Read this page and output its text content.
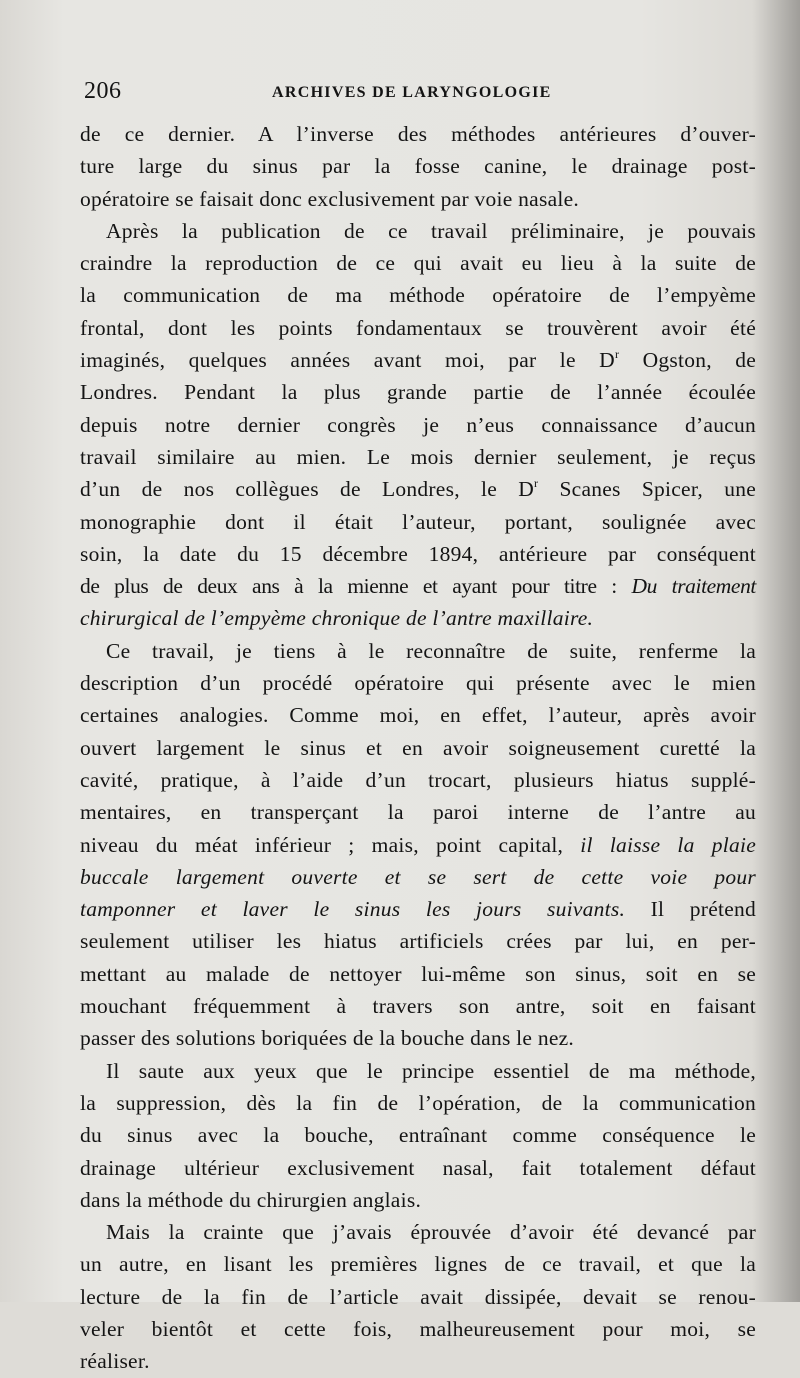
206	ARCHIVES DE LARYNGOLOGIE
de ce dernier. A l’inverse des méthodes antérieures d’ouver-
ture large du sinus par la fosse canine, le drainage post-
opératoire se faisait donc exclusivement par voie nasale.
Après la publication de ce travail préliminaire, je pouvais
craindre la reproduction de ce qui avait eu lieu à la suite de
la communication de ma méthode opératoire de l’empyème
frontal, dont les points fondamentaux se trouvèrent avoir été
imaginés, quelques années avant moi, par le $D^r$ Ogston, de
Londres. Pendant la plus grande partie de l’année écoulée
depuis notre dernier congrès je n’eus connaissance d’aucun
travail similaire au mien. Le mois dernier seulement, je reçus
d’un de nos collègues de Londres, le $D^r$ Scanes Spicer, une
monographie dont il était l’auteur, portant, soulignée avec
soin, la date du 15 décembre 1894, antérieure par conséquent
de plus de deux ans à la mienne et ayant pour titre : Du traitement
chirurgical de l’empyème chronique de l’antre maxillaire.
Ce travail, je tiens à le reconnaître de suite, renferme la
description d’un procédé opératoire qui présente avec le mien
certaines analogies. Comme moi, en effet, l’auteur, après avoir
ouvert largement le sinus et en avoir soigneusement curetté la
cavité, pratique, à l’aide d’un trocart, plusieurs hiatus supplé-
mentaires, en transperçant la paroi interne de l’antre au
niveau du méat inférieur ; mais, point capital, il laisse la plaie
buccale largement ouverte et se sert de cette voie pour
tamponner et laver le sinus les jours suivants. Il prétend
seulement utiliser les hiatus artificiels crées par lui, en per-
mettant au malade de nettoyer lui-même son sinus, soit en se
mouchant fréquemment à travers son antre, soit en faisant
passer des solutions boriquées de la bouche dans le nez.
Il saute aux yeux que le principe essentiel de ma méthode,
la suppression, dès la fin de l’opération, de la communication
du sinus avec la bouche, entraînant comme conséquence le
drainage ultérieur exclusivement nasal, fait totalement défaut
dans la méthode du chirurgien anglais.
Mais la crainte que j’avais éprouvée d’avoir été devancé par
un autre, en lisant les premières lignes de ce travail, et que la
lecture de la fin de l’article avait dissipée, devait se renou-
veler bientôt et cette fois, malheureusement pour moi, se
réaliser.
